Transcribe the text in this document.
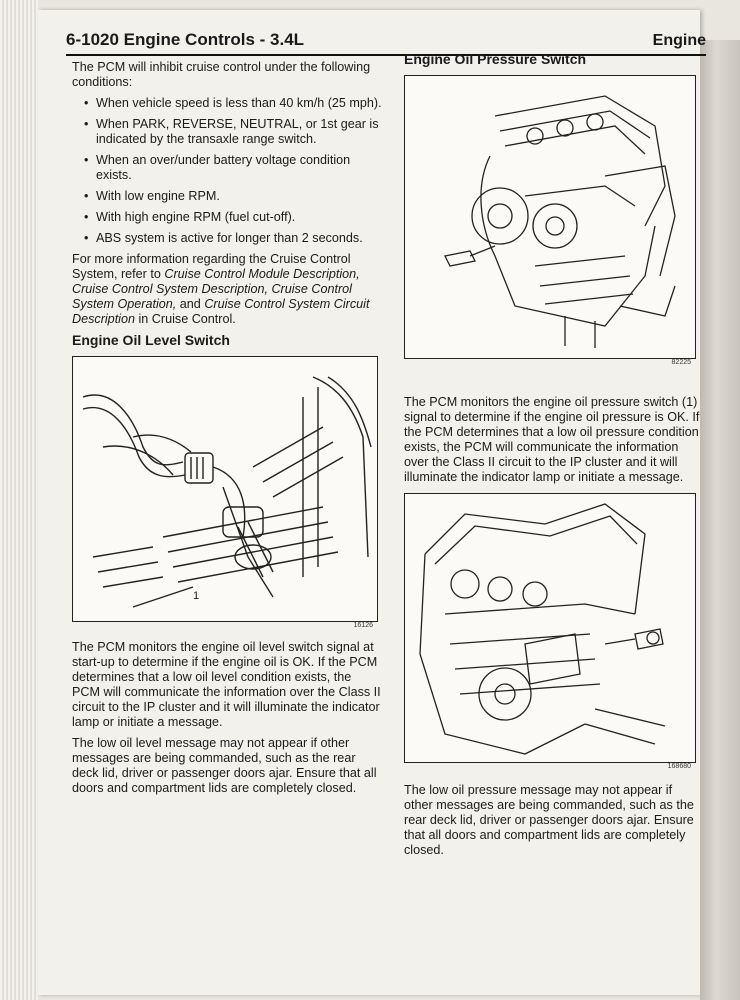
6-1020 Engine Controls - 3.4L	Engine

The PCM will inhibit cruise control under the following conditions:

• When vehicle speed is less than 40 km/h (25 mph).
• When PARK, REVERSE, NEUTRAL, or 1st gear is indicated by the transaxle range switch.
• When an over/under battery voltage condition exists.
• With low engine RPM.
• With high engine RPM (fuel cut-off).
• ABS system is active for longer than 2 seconds.

For more information regarding the Cruise Control System, refer to Cruise Control Module Description, Cruise Control System Description, Cruise Control System Operation, and Cruise Control System Circuit Description in Cruise Control.

Engine Oil Level Switch
1
16126

The PCM monitors the engine oil level switch signal at start-up to determine if the engine oil is OK. If the PCM determines that a low oil level condition exists, the PCM will communicate the information over the Class II circuit to the IP cluster and it will illuminate the indicator lamp or initiate a message.

The low oil level message may not appear if other messages are being commanded, such as the rear deck lid, driver or passenger doors ajar. Ensure that all doors and compartment lids are completely closed.

Engine Oil Pressure Switch
82225

The PCM monitors the engine oil pressure switch (1) signal to determine if the engine oil pressure is OK. If the PCM determines that a low oil pressure condition exists, the PCM will communicate the information over the Class II circuit to the IP cluster and it will illuminate the indicator lamp or initiate a message.

168680

The low oil pressure message may not appear if other messages are being commanded, such as the rear deck lid, driver or passenger doors ajar. Ensure that all doors and compartment lids are completely closed.
